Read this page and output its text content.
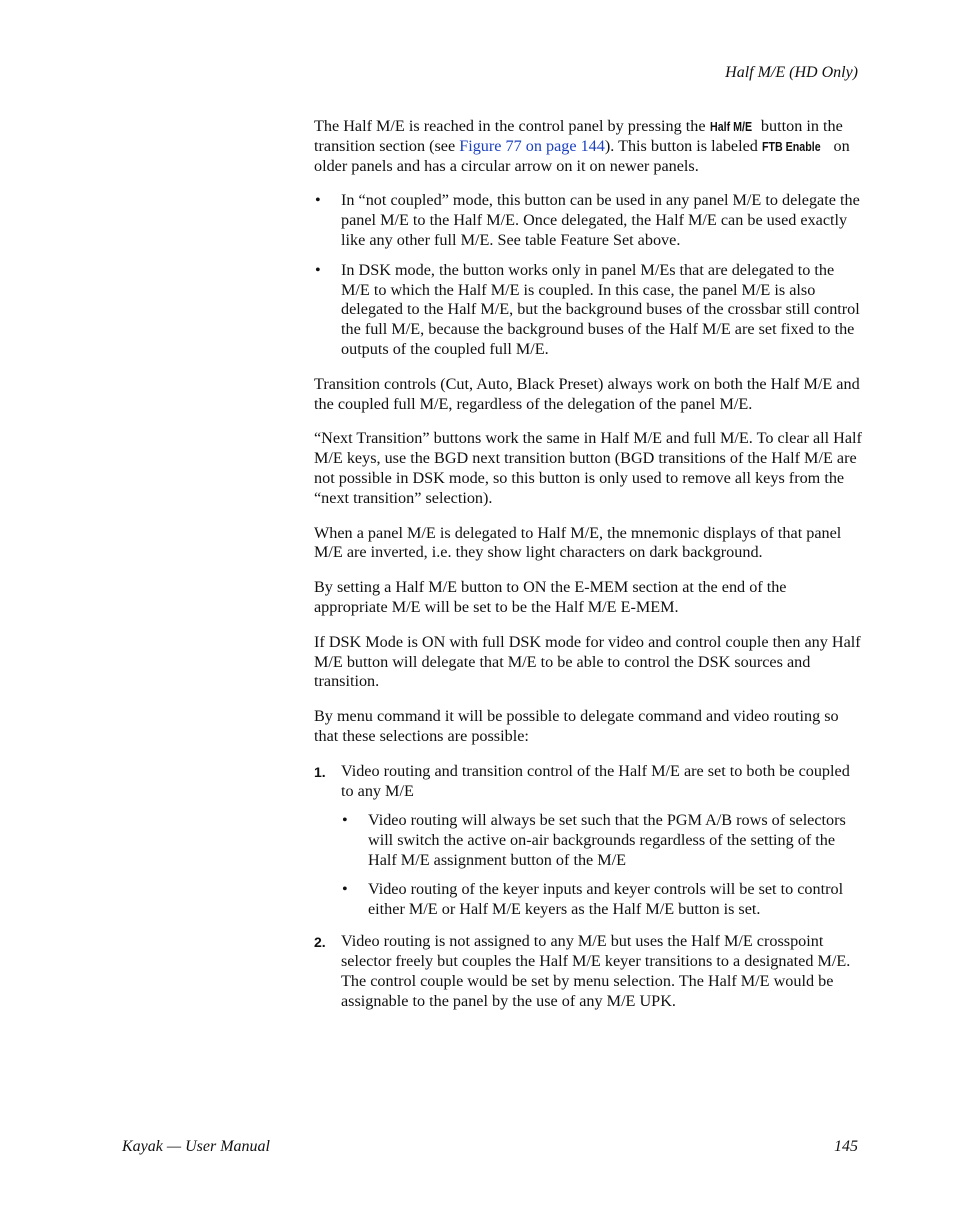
Half M/E (HD Only)

The Half M/E is reached in the control panel by pressing the Half M/E button in the transition section (see Figure 77 on page 144). This button is labeled FTB Enable on older panels and has a circular arrow on it on newer panels.

• In “not coupled” mode, this button can be used in any panel M/E to delegate the panel M/E to the Half M/E. Once delegated, the Half M/E can be used exactly like any other full M/E. See table Feature Set above.
• In DSK mode, the button works only in panel M/Es that are delegated to the M/E to which the Half M/E is coupled. In this case, the panel M/E is also delegated to the Half M/E, but the background buses of the crossbar still control the full M/E, because the background buses of the Half M/E are set fixed to the outputs of the coupled full M/E.

Transition controls (Cut, Auto, Black Preset) always work on both the Half M/E and the coupled full M/E, regardless of the delegation of the panel M/E.

“Next Transition” buttons work the same in Half M/E and full M/E. To clear all Half M/E keys, use the BGD next transition button (BGD transitions of the Half M/E are not possible in DSK mode, so this button is only used to remove all keys from the “next transition” selection).

When a panel M/E is delegated to Half M/E, the mnemonic displays of that panel M/E are inverted, i.e. they show light characters on dark background.

By setting a Half M/E button to ON the E-MEM section at the end of the appropriate M/E will be set to be the Half M/E E-MEM.

If DSK Mode is ON with full DSK mode for video and control couple then any Half M/E button will delegate that M/E to be able to control the DSK sources and transition.

By menu command it will be possible to delegate command and video routing so that these selections are possible:

1. Video routing and transition control of the Half M/E are set to both be coupled to any M/E
• Video routing will always be set such that the PGM A/B rows of selectors will switch the active on-air backgrounds regardless of the setting of the Half M/E assignment button of the M/E
• Video routing of the keyer inputs and keyer controls will be set to control either M/E or Half M/E keyers as the Half M/E button is set.
2. Video routing is not assigned to any M/E but uses the Half M/E crosspoint selector freely but couples the Half M/E keyer transitions to a designated M/E. The control couple would be set by menu selection. The Half M/E would be assignable to the panel by the use of any M/E UPK.
Kayak — User Manual	145
